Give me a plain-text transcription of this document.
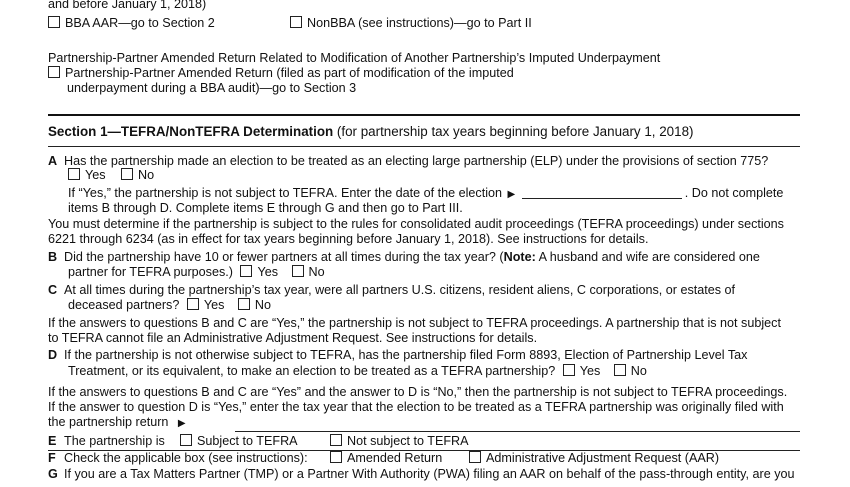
and before January 1, 2018)
BBA AAR—go to Section 2	NonBBA (see instructions)—go to Part II
Partnership-Partner Amended Return Related to Modification of Another Partnership’s Imputed Underpayment
Partnership-Partner Amended Return (filed as part of modification of the imputed
underpayment during a BBA audit)—go to Section 3
Section 1—TEFRA/NonTEFRA Determination (for partnership tax years beginning before January 1, 2018)
A Has the partnership made an election to be treated as an electing large partnership (ELP) under the provisions of section 775?
Yes	No
If “Yes,” the partnership is not subject to TEFRA. Enter the date of the election ▶	. Do not complete
items B through D. Complete items E through G and then go to Part III.
You must determine if the partnership is subject to the rules for consolidated audit proceedings (TEFRA proceedings) under sections
6221 through 6234 (as in effect for tax years beginning before January 1, 2018). See instructions for details.
B Did the partnership have 10 or fewer partners at all times during the tax year? (Note: A husband and wife are considered one
partner for TEFRA purposes.) Yes No
C At all times during the partnership’s tax year, were all partners U.S. citizens, resident aliens, C corporations, or estates of
deceased partners? Yes No
If the answers to questions B and C are “Yes,” the partnership is not subject to TEFRA proceedings. A partnership that is not subject
to TEFRA cannot file an Administrative Adjustment Request. See instructions for details.
D If the partnership is not otherwise subject to TEFRA, has the partnership filed Form 8893, Election of Partnership Level Tax
Treatment, or its equivalent, to make an election to be treated as a TEFRA partnership? Yes No
If the answers to questions B and C are “Yes” and the answer to D is “No,” then the partnership is not subject to TEFRA proceedings.
If the answer to question D is “Yes,” enter the tax year that the election to be treated as a TEFRA partnership was originally filed with
the partnership return ▶
E The partnership is	Subject to TEFRA	Not subject to TEFRA
F Check the applicable box (see instructions):	Amended Return	Administrative Adjustment Request (AAR)
G If you are a Tax Matters Partner (TMP) or a Partner With Authority (PWA) filing an AAR on behalf of the pass-through entity, are you
